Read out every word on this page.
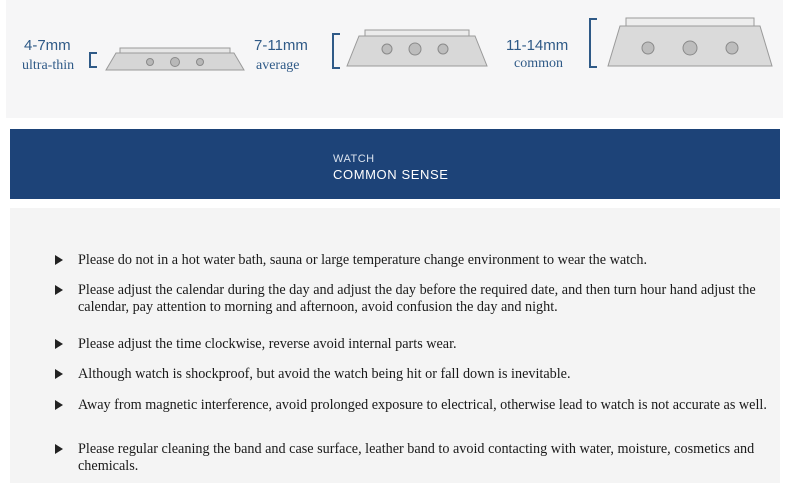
4-7mm
ultra-thin
7-11mm
average
11-14mm
common
WATCH
COMMON SENSE
Please do not in a hot water bath, sauna or large temperature change environment to wear the watch.
Please adjust the calendar during the day and adjust the day before the required date, and then turn hour hand adjust the calendar, pay attention to morning and afternoon, avoid confusion the day and night.
Please adjust the time clockwise, reverse avoid internal parts wear.
Although watch is shockproof, but avoid the watch being hit or fall down is inevitable.
Away from magnetic interference, avoid prolonged exposure to electrical, otherwise lead to watch is not accurate as well.
Please regular cleaning the band and case surface, leather band to avoid contacting with water, moisture, cosmetics and chemicals.
